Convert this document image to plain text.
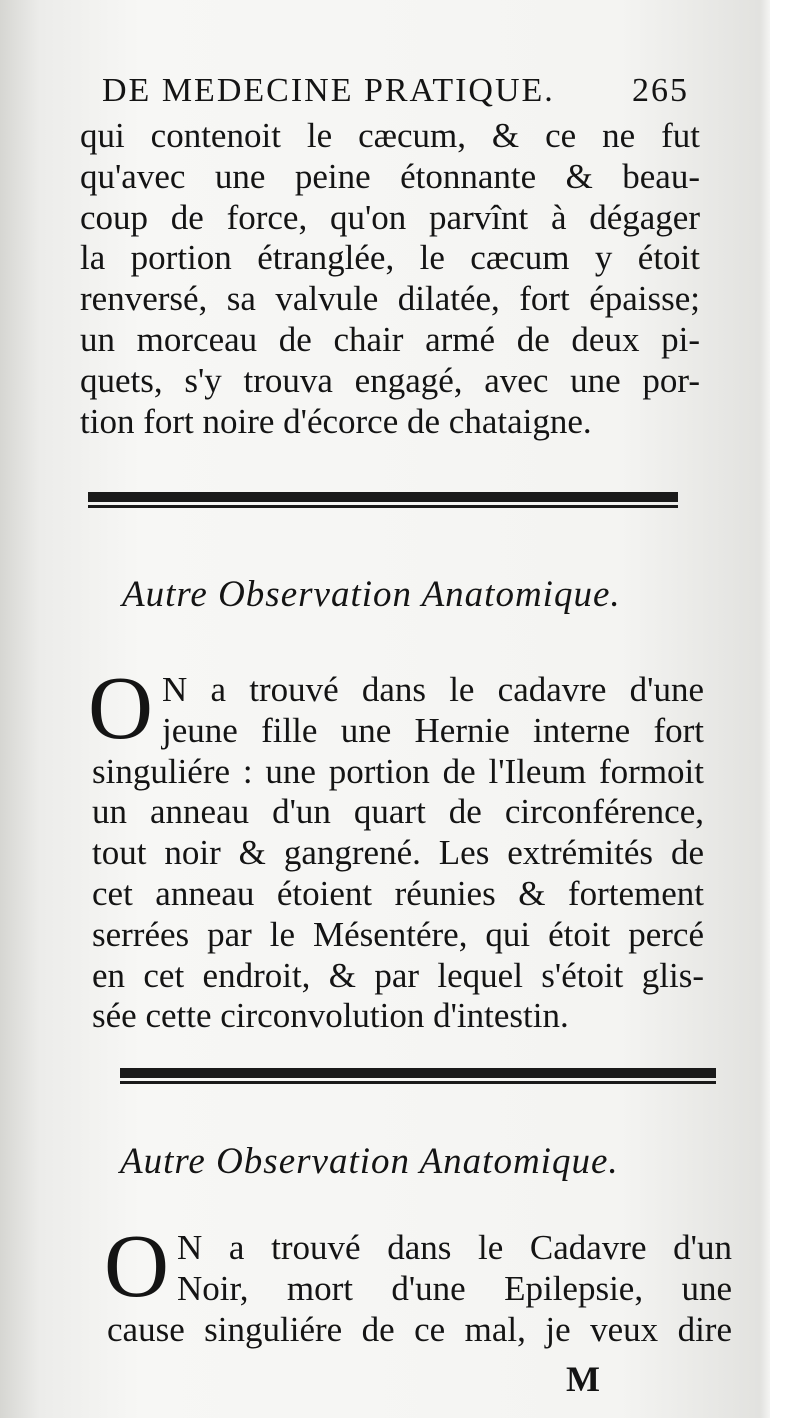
DE MEDECINE PRATIQUE. 265
qui contenoit le cæcum, & ce ne fut
qu'avec une peine étonnante & beau-
coup de force, qu'on parvînt à dégager
la portion étranglée, le cæcum y étoit
renversé, sa valvule dilatée, fort épaisse;
un morceau de chair armé de deux pi-
quets, s'y trouva engagé, avec une por-
tion fort noire d'écorce de chataigne.
Autre Observation Anatomique.
O N a trouvé dans le cadavre d'une
jeune fille une Hernie interne fort
singuliére : une portion de l'Ileum formoit
un anneau d'un quart de circonférence,
tout noir & gangrené. Les extrémités de
cet anneau étoient réunies & fortement
serrées par le Mésentére, qui étoit percé
en cet endroit, & par lequel s'étoit glis-
sée cette circonvolution d'intestin.
Autre Observation Anatomique.
O N a trouvé dans le Cadavre d'un
Noir, mort d'une Epilepsie, une
cause singuliére de ce mal, je veux dire
M
